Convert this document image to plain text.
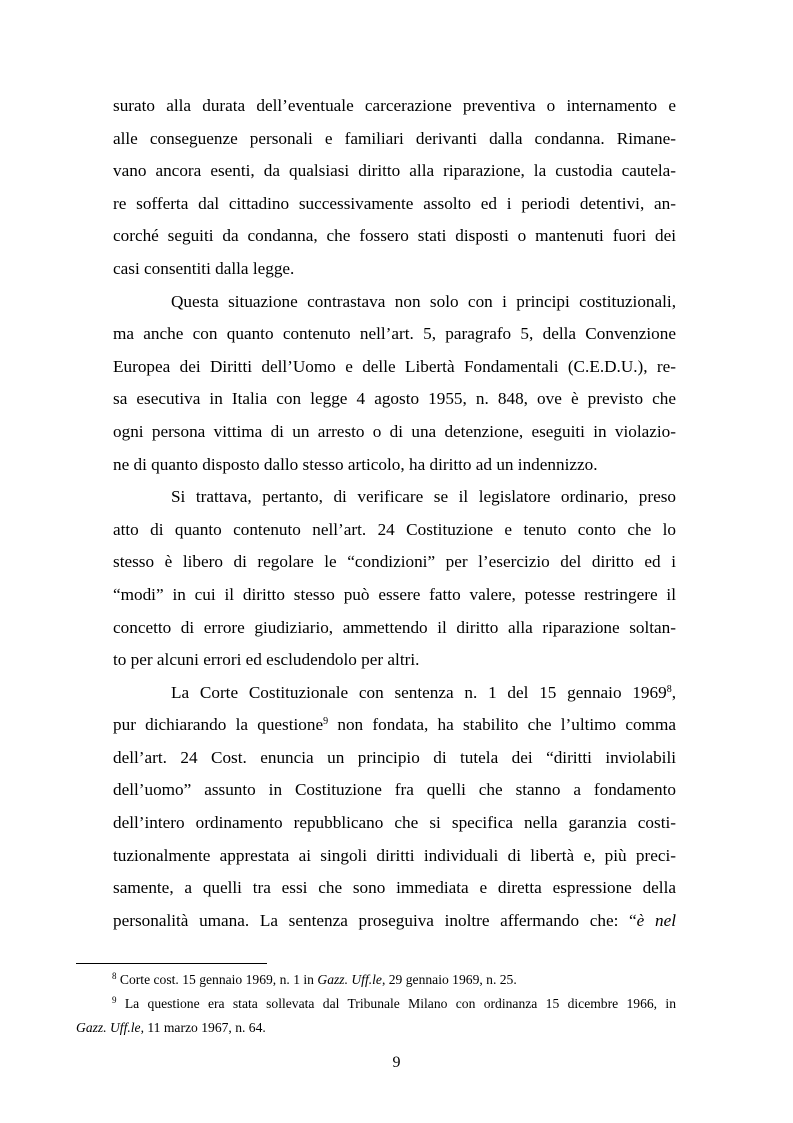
surato alla durata dell’eventuale carcerazione preventiva o internamento e
alle conseguenze personali e familiari derivanti dalla condanna. Rimane-
vano ancora esenti, da qualsiasi diritto alla riparazione, la custodia cautela-
re sofferta dal cittadino successivamente assolto ed i periodi detentivi, an-
corché seguiti da condanna, che fossero stati disposti o mantenuti fuori dei
casi consentiti dalla legge.
Questa situazione contrastava non solo con i principi costituzionali,
ma anche con quanto contenuto nell’art. 5, paragrafo 5, della Convenzione
Europea dei Diritti dell’Uomo e delle Libertà Fondamentali (C.E.D.U.), re-
sa esecutiva in Italia con legge 4 agosto 1955, n. 848, ove è previsto che
ogni persona vittima di un arresto o di una detenzione, eseguiti in violazio-
ne di quanto disposto dallo stesso articolo, ha diritto ad un indennizzo.
Si trattava, pertanto, di verificare se il legislatore ordinario, preso
atto di quanto contenuto nell’art. 24 Costituzione e tenuto conto che lo
stesso è libero di regolare le “condizioni” per l’esercizio del diritto ed i
“modi” in cui il diritto stesso può essere fatto valere, potesse restringere il
concetto di errore giudiziario, ammettendo il diritto alla riparazione soltan-
to per alcuni errori ed escludendolo per altri.
La Corte Costituzionale con sentenza n. 1 del 15 gennaio 1969$^8$,
pur dichiarando la questione$^9$ non fondata, ha stabilito che l’ultimo comma
dell’art. 24 Cost. enuncia un principio di tutela dei “diritti inviolabili
dell’uomo” assunto in Costituzione fra quelli che stanno a fondamento
dell’intero ordinamento repubblicano che si specifica nella garanzia costi-
tuzionalmente apprestata ai singoli diritti individuali di libertà e, più preci-
samente, a quelli tra essi che sono immediata e diretta espressione della
personalità umana. La sentenza proseguiva inoltre affermando che: “è nel
$^8$ Corte cost. 15 gennaio 1969, n. 1 in Gazz. Uff.le, 29 gennaio 1969, n. 25.
$^9$ La questione era stata sollevata dal Tribunale Milano con ordinanza 15 dicembre 1966, in
Gazz. Uff.le, 11 marzo 1967, n. 64.
9
